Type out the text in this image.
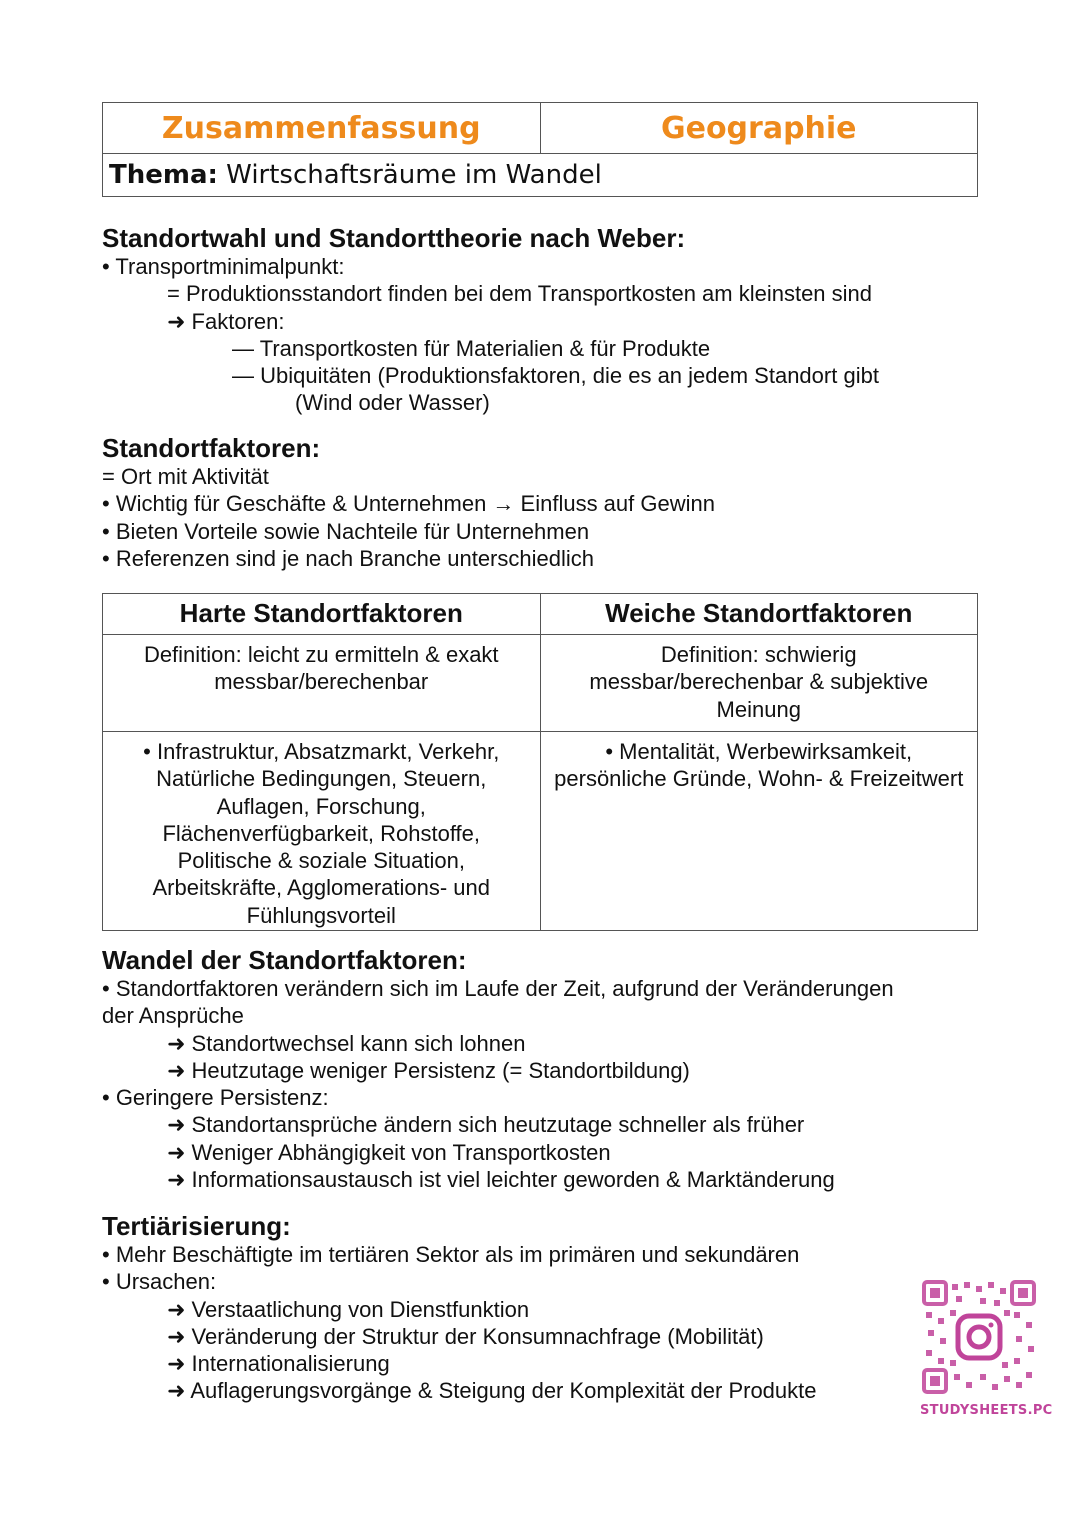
Zusammenfassung	Geographie
Thema: Wirtschaftsräume im Wandel
Standortwahl und Standorttheorie nach Weber:
• Transportminimalpunkt:
= Produktionsstandort finden bei dem Transportkosten am kleinsten sind
➜ Faktoren:
— Transportkosten für Materialien & für Produkte
— Ubiquitäten (Produktionsfaktoren, die es an jedem Standort gibt
(Wind oder Wasser)
Standortfaktoren:
= Ort mit Aktivität
• Wichtig für Geschäfte & Unternehmen → Einfluss auf Gewinn
• Bieten Vorteile sowie Nachteile für Unternehmen
• Referenzen sind je nach Branche unterschiedlich
Harte Standortfaktoren	Weiche Standortfaktoren
Definition: leicht zu ermitteln & exakt messbar/berechenbar	Definition: schwierig messbar/berechenbar & subjektive Meinung
• Infrastruktur, Absatzmarkt, Verkehr, Natürliche Bedingungen, Steuern, Auflagen, Forschung, Flächenverfügbarkeit, Rohstoffe, Politische & soziale Situation, Arbeitskräfte, Agglomerations- und Fühlungsvorteil	• Mentalität, Werbewirksamkeit, persönliche Gründe, Wohn- & Freizeitwert
Wandel der Standortfaktoren:
• Standortfaktoren verändern sich im Laufe der Zeit, aufgrund der Veränderungen
der Ansprüche
➜ Standortwechsel kann sich lohnen
➜ Heutzutage weniger Persistenz (= Standortbildung)
• Geringere Persistenz:
➜ Standortansprüche ändern sich heutzutage schneller als früher
➜ Weniger Abhängigkeit von Transportkosten
➜ Informationsaustausch ist viel leichter geworden & Marktänderung
Tertiärisierung:
• Mehr Beschäftigte im tertiären Sektor als im primären und sekundären
• Ursachen:
➜ Verstaatlichung von Dienstfunktion
➜ Veränderung der Struktur der Konsumnachfrage (Mobilität)
➜ Internationalisierung
➜ Auflagerungsvorgänge & Steigung der Komplexität der Produkte
STUDYSHEETS.PC
